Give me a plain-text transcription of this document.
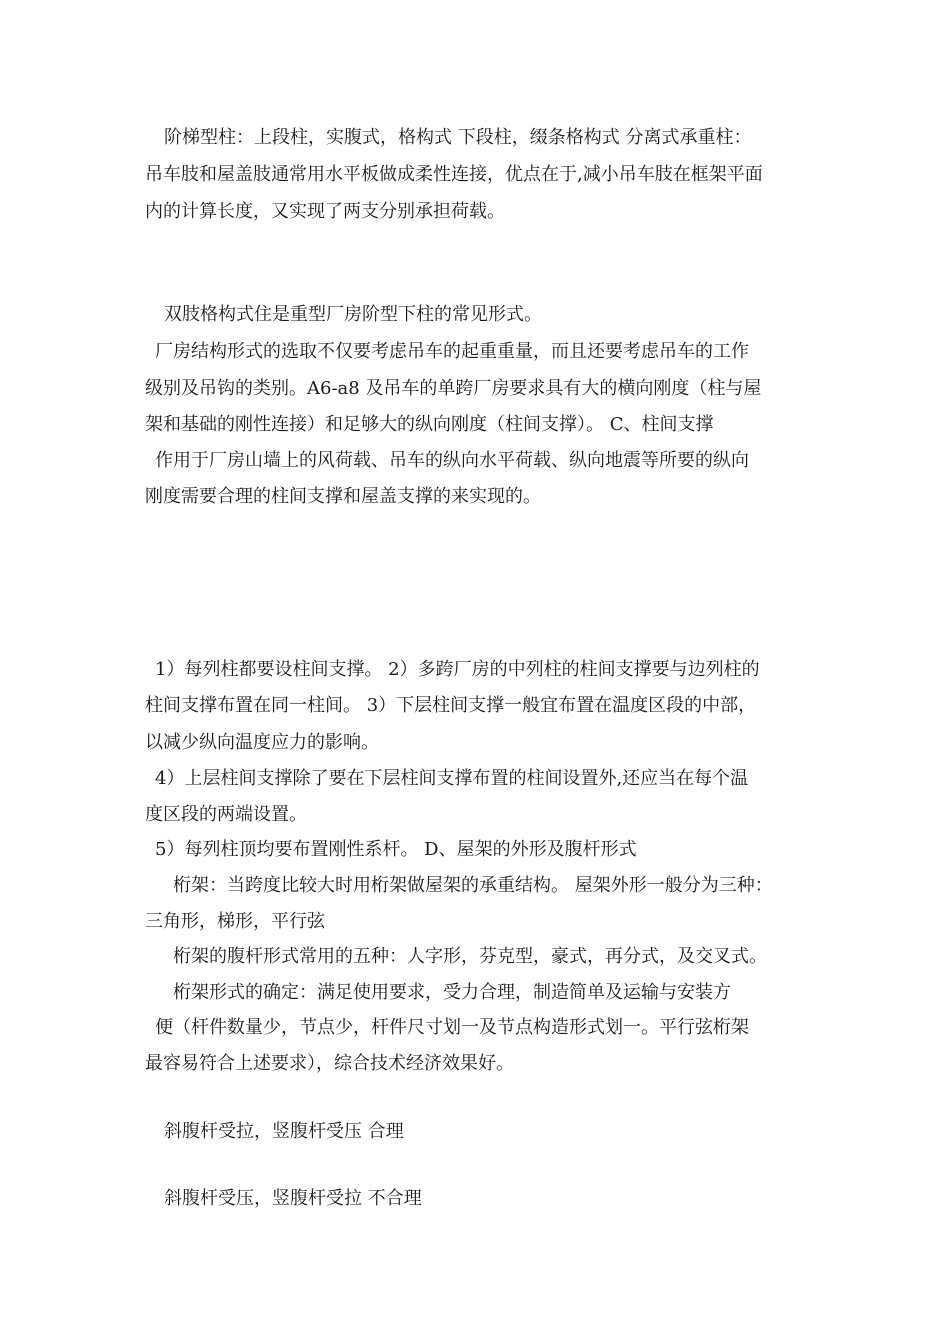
阶梯型柱：上段柱，实腹式，格构式 下段柱，缀条格构式 分离式承重柱：
吊车肢和屋盖肢通常用水平板做成柔性连接，优点在于,减小吊车肢在框架平面
内的计算长度，又实现了两支分别承担荷载。
双肢格构式住是重型厂房阶型下柱的常见形式。
厂房结构形式的选取不仅要考虑吊车的起重重量，而且还要考虑吊车的工作
级别及吊钩的类别。A6-a8 及吊车的单跨厂房要求具有大的横向刚度（柱与屋
架和基础的刚性连接）和足够大的纵向刚度（柱间支撑）。 C、柱间支撑
作用于厂房山墙上的风荷载、吊车的纵向水平荷载、纵向地震等所要的纵向
刚度需要合理的柱间支撑和屋盖支撑的来实现的。
1）每列柱都要设柱间支撑。 2）多跨厂房的中列柱的柱间支撑要与边列柱的
柱间支撑布置在同一柱间。 3）下层柱间支撑一般宜布置在温度区段的中部，
以减少纵向温度应力的影响。
4）上层柱间支撑除了要在下层柱间支撑布置的柱间设置外,还应当在每个温
度区段的两端设置。
5）每列柱顶均要布置刚性系杆。 D、屋架的外形及腹杆形式
桁架：当跨度比较大时用桁架做屋架的承重结构。 屋架外形一般分为三种：
三角形，梯形，平行弦
桁架的腹杆形式常用的五种：人字形，芬克型，豪式，再分式，及交叉式。
桁架形式的确定：满足使用要求，受力合理，制造简单及运输与安装方
便（杆件数量少，节点少，杆件尺寸划一及节点构造形式划一。平行弦桁架
最容易符合上述要求），综合技术经济效果好。
斜腹杆受拉，竖腹杆受压 合理
斜腹杆受压，竖腹杆受拉 不合理
